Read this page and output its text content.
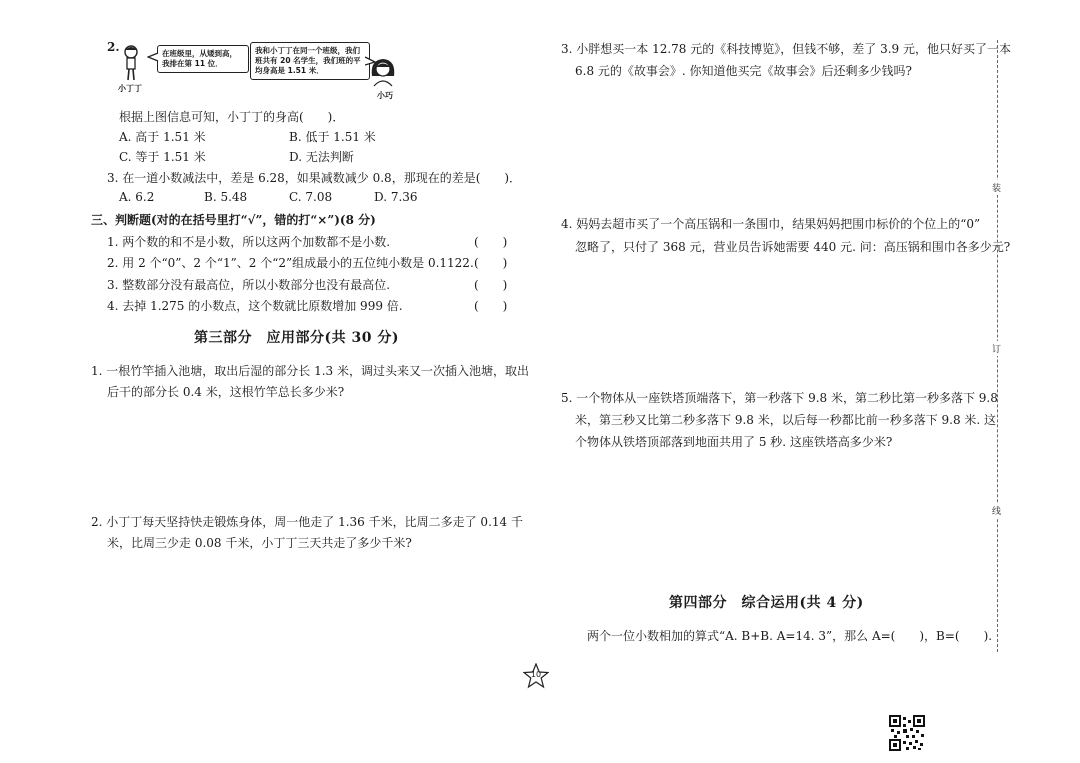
2.
小丁丁
在班级里，从矮到高，我排在第 11 位．
我和小丁丁在同一个班级，我们班共有 20 名学生，我们班的平均身高是 1.51 米．
小巧
根据上图信息可知，小丁丁的身高(　　)．
A. 高于 1.51 米	B. 低于 1.51 米
C. 等于 1.51 米	D. 无法判断
3. 在一道小数减法中，差是 6.28，如果减数减少 0.8，那现在的差是(　　)．
A. 6.2	B. 5.48	C. 7.08	D. 7.36
三、判断题(对的在括号里打“√”，错的打“×”)(8 分)
1. 两个数的和不是小数，所以这两个加数都不是小数.	(　　)
2. 用 2 个“0”、2 个“1”、2 个“2”组成最小的五位纯小数是 0.1122. (　　)
3. 整数部分没有最高位，所以小数部分也没有最高位.	(　　)
4. 去掉 1.275 的小数点，这个数就比原数增加 999 倍.	(　　)
第三部分　应用部分(共 30 分)
1. 一根竹竿插入池塘，取出后湿的部分长 1.3 米，调过头来又一次插入池塘，取出
后干的部分长 0.4 米，这根竹竿总长多少米?
2. 小丁丁每天坚持快走锻炼身体，周一他走了 1.36 千米，比周二多走了 0.14 千
米，比周三少走 0.08 千米，小丁丁三天共走了多少千米?
3. 小胖想买一本 12.78 元的《科技博览》，但钱不够，差了 3.9 元，他只好买了一本
6.8 元的《故事会》. 你知道他买完《故事会》后还剩多少钱吗?
4. 妈妈去超市买了一个高压锅和一条围巾，结果妈妈把围巾标价的个位上的“0”
忽略了，只付了 368 元，营业员告诉她需要 440 元. 问：高压锅和围巾各多少元?
5. 一个物体从一座铁塔顶端落下，第一秒落下 9.8 米，第二秒比第一秒多落下 9.8
米，第三秒又比第二秒多落下 9.8 米，以后每一秒都比前一秒多落下 9.8 米. 这
个物体从铁塔顶部落到地面共用了 5 秒. 这座铁塔高多少米?
第四部分　综合运用(共 4 分)
两个一位小数相加的算式“A. B+B. A=14. 3”，那么 A=(　　)，B=(　　).
装
订
线
10
